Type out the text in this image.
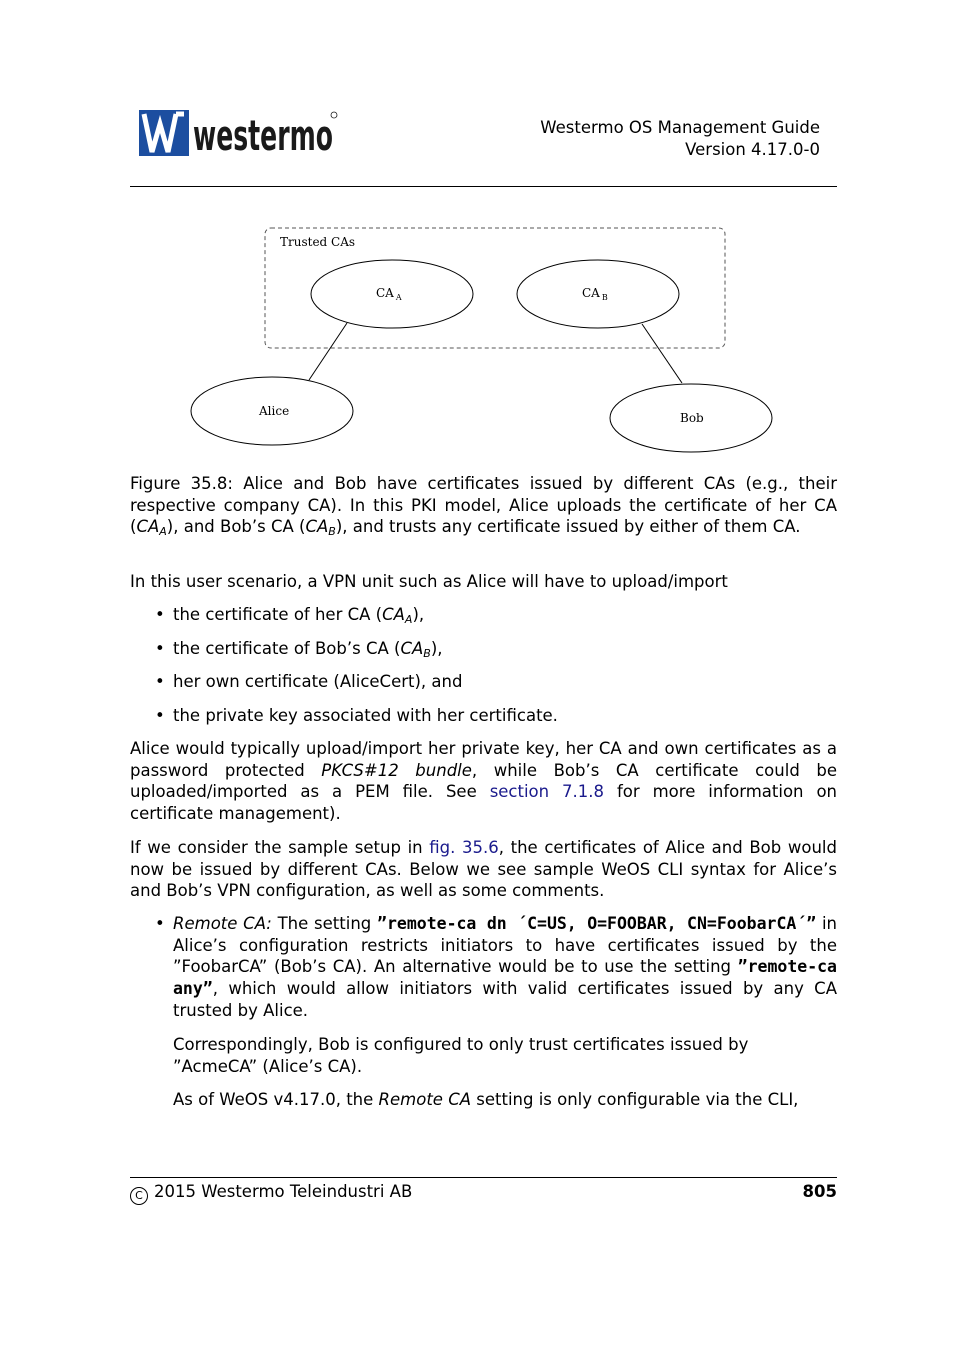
westermo	Westermo OS Management Guide
Version 4.17.0-0
Trusted CAs
CA $_A$	CA $_B$
Alice	Bob
Figure 35.8: Alice and Bob have certificates issued by different CAs (e.g., their respective company CA). In this PKI model, Alice uploads the certificate of her CA $(CA_A)$, and Bob’s CA $(CA_B)$, and trusts any certificate issued by either of them CA.
In this user scenario, a VPN unit such as Alice will have to upload/import
• the certificate of her CA $(CA_A)$,
• the certificate of Bob’s CA $(CA_B)$,
• her own certificate (AliceCert), and
• the private key associated with her certificate.
Alice would typically upload/import her private key, her CA and own certificates as a password protected PKCS#12 bundle, while Bob’s CA certificate could be uploaded/imported as a PEM file. See section 7.1.8 for more information on certificate management).
If we consider the sample setup in fig. 35.6, the certificates of Alice and Bob would now be issued by different CAs. Below we see sample WeOS CLI syntax for Alice’s and Bob’s VPN configuration, as well as some comments.
• Remote CA: The setting ”remote-ca dn ´C=US, O=FOOBAR, CN=FoobarCA´” in Alice’s configuration restricts initiators to have certificates issued by the ”FoobarCA” (Bob’s CA). An alternative would be to use the setting ”remote-ca any”, which would allow initiators with valid certificates issued by any CA trusted by Alice.
Correspondingly, Bob is configured to only trust certificates issued by ”AcmeCA” (Alice’s CA).
As of WeOS v4.17.0, the Remote CA setting is only configurable via the CLI,
C 2015 Westermo Teleindustri AB	805
